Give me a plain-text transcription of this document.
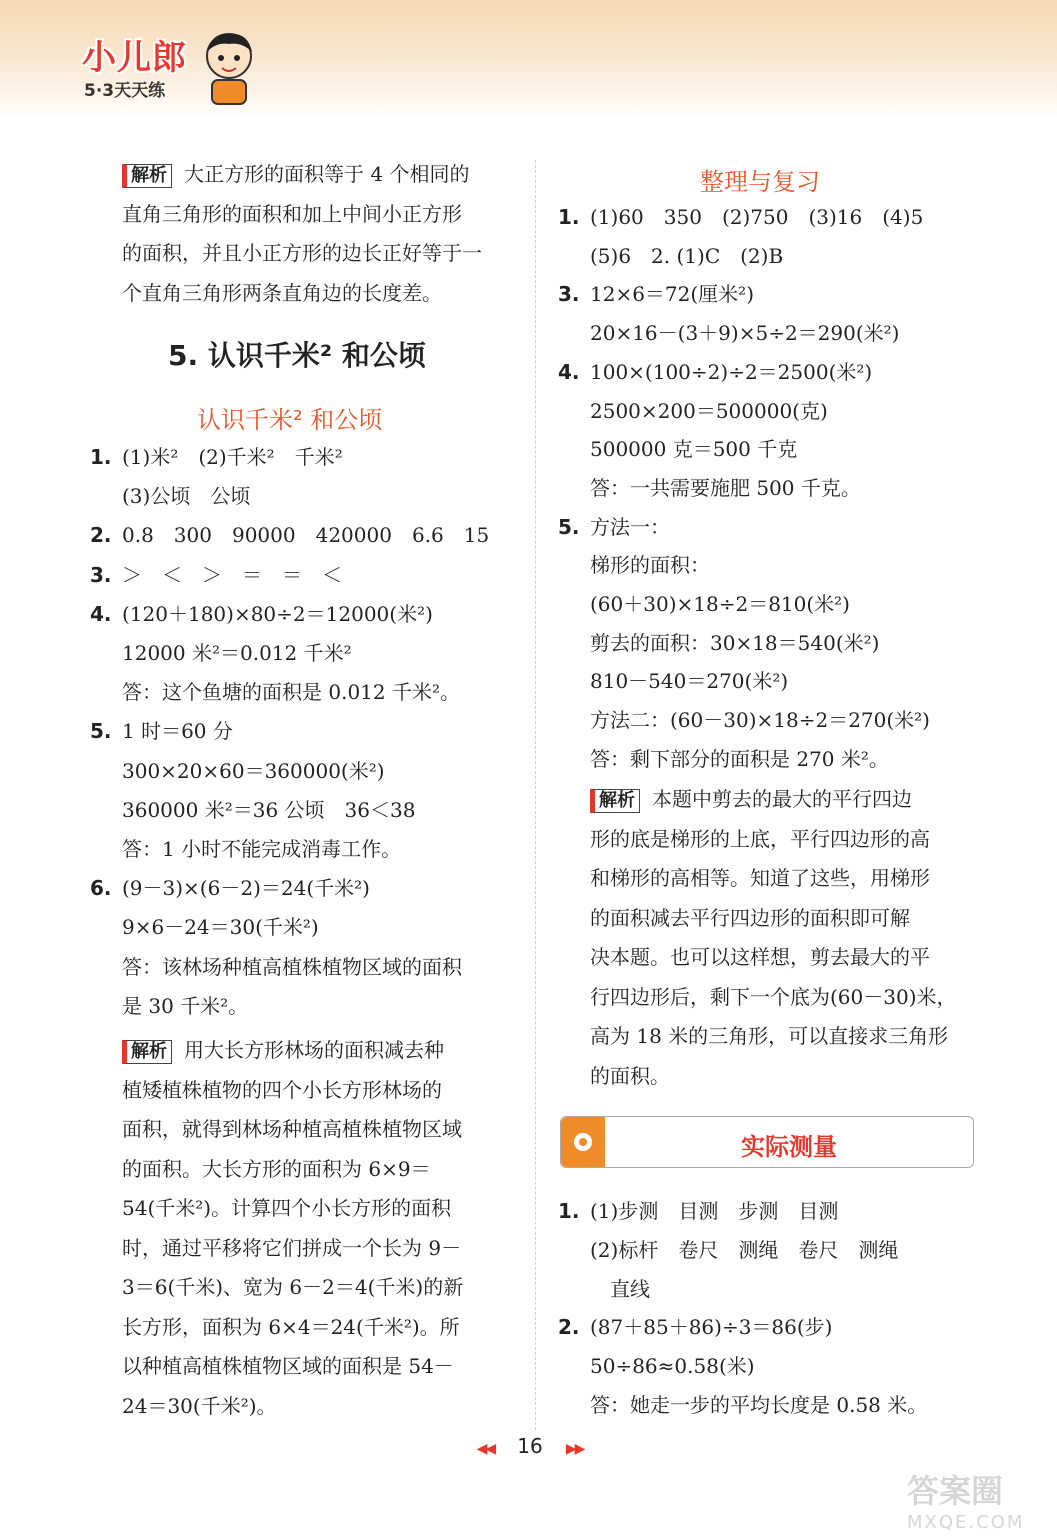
小儿郎
5·3天天练
解析 大正方形的面积等于 4 个相同的
直角三角形的面积和加上中间小正方形
的面积，并且小正方形的边长正好等于一
个直角三角形两条直角边的长度差。
5. 认识千米² 和公顷
认识千米² 和公顷
1. (1)米²　(2)千米²　千米²
(3)公顷　公顷
2. 0.8　300　90000　420000　6.6　15
3. ＞　＜　＞　＝　＝　＜
4. (120＋180)×80÷2＝12000(米²)
12000 米²＝0.012 千米²
答：这个鱼塘的面积是 0.012 千米²。
5. 1 时＝60 分
300×20×60＝360000(米²)
360000 米²＝36 公顷　36＜38
答：1 小时不能完成消毒工作。
6. (9－3)×(6－2)＝24(千米²)
9×6－24＝30(千米²)
答：该林场种植高植株植物区域的面积
是 30 千米²。
解析 用大长方形林场的面积减去种
植矮植株植物的四个小长方形林场的
面积，就得到林场种植高植株植物区域
的面积。大长方形的面积为 6×9＝
54(千米²)。计算四个小长方形的面积
时，通过平移将它们拼成一个长为 9－
3＝6(千米)、宽为 6－2＝4(千米)的新
长方形，面积为 6×4＝24(千米²)。所
以种植高植株植物区域的面积是 54－
24＝30(千米²)。
整理与复习
1. (1)60　350　(2)750　(3)16　(4)5
(5)6　2. (1)C　(2)B
3. 12×6＝72(厘米²)
20×16－(3＋9)×5÷2＝290(米²)
4. 100×(100÷2)÷2＝2500(米²)
2500×200＝500000(克)
500000 克＝500 千克
答：一共需要施肥 500 千克。
5. 方法一：
梯形的面积：
(60＋30)×18÷2＝810(米²)
剪去的面积：30×18＝540(米²)
810－540＝270(米²)
方法二：(60－30)×18÷2＝270(米²)
答：剩下部分的面积是 270 米²。
解析 本题中剪去的最大的平行四边
形的底是梯形的上底，平行四边形的高
和梯形的高相等。知道了这些，用梯形
的面积减去平行四边形的面积即可解
决本题。也可以这样想，剪去最大的平
行四边形后，剩下一个底为(60－30)米，
高为 18 米的三角形，可以直接求三角形
的面积。
实际测量
1. (1)步测　目测　步测　目测
(2)标杆　卷尺　测绳　卷尺　测绳
　直线
2. (87＋85＋86)÷3＝86(步)
50÷86≈0.58(米)
答：她走一步的平均长度是 0.58 米。
◀◀ 16 ▶▶
答案圈
MXQE.COM
